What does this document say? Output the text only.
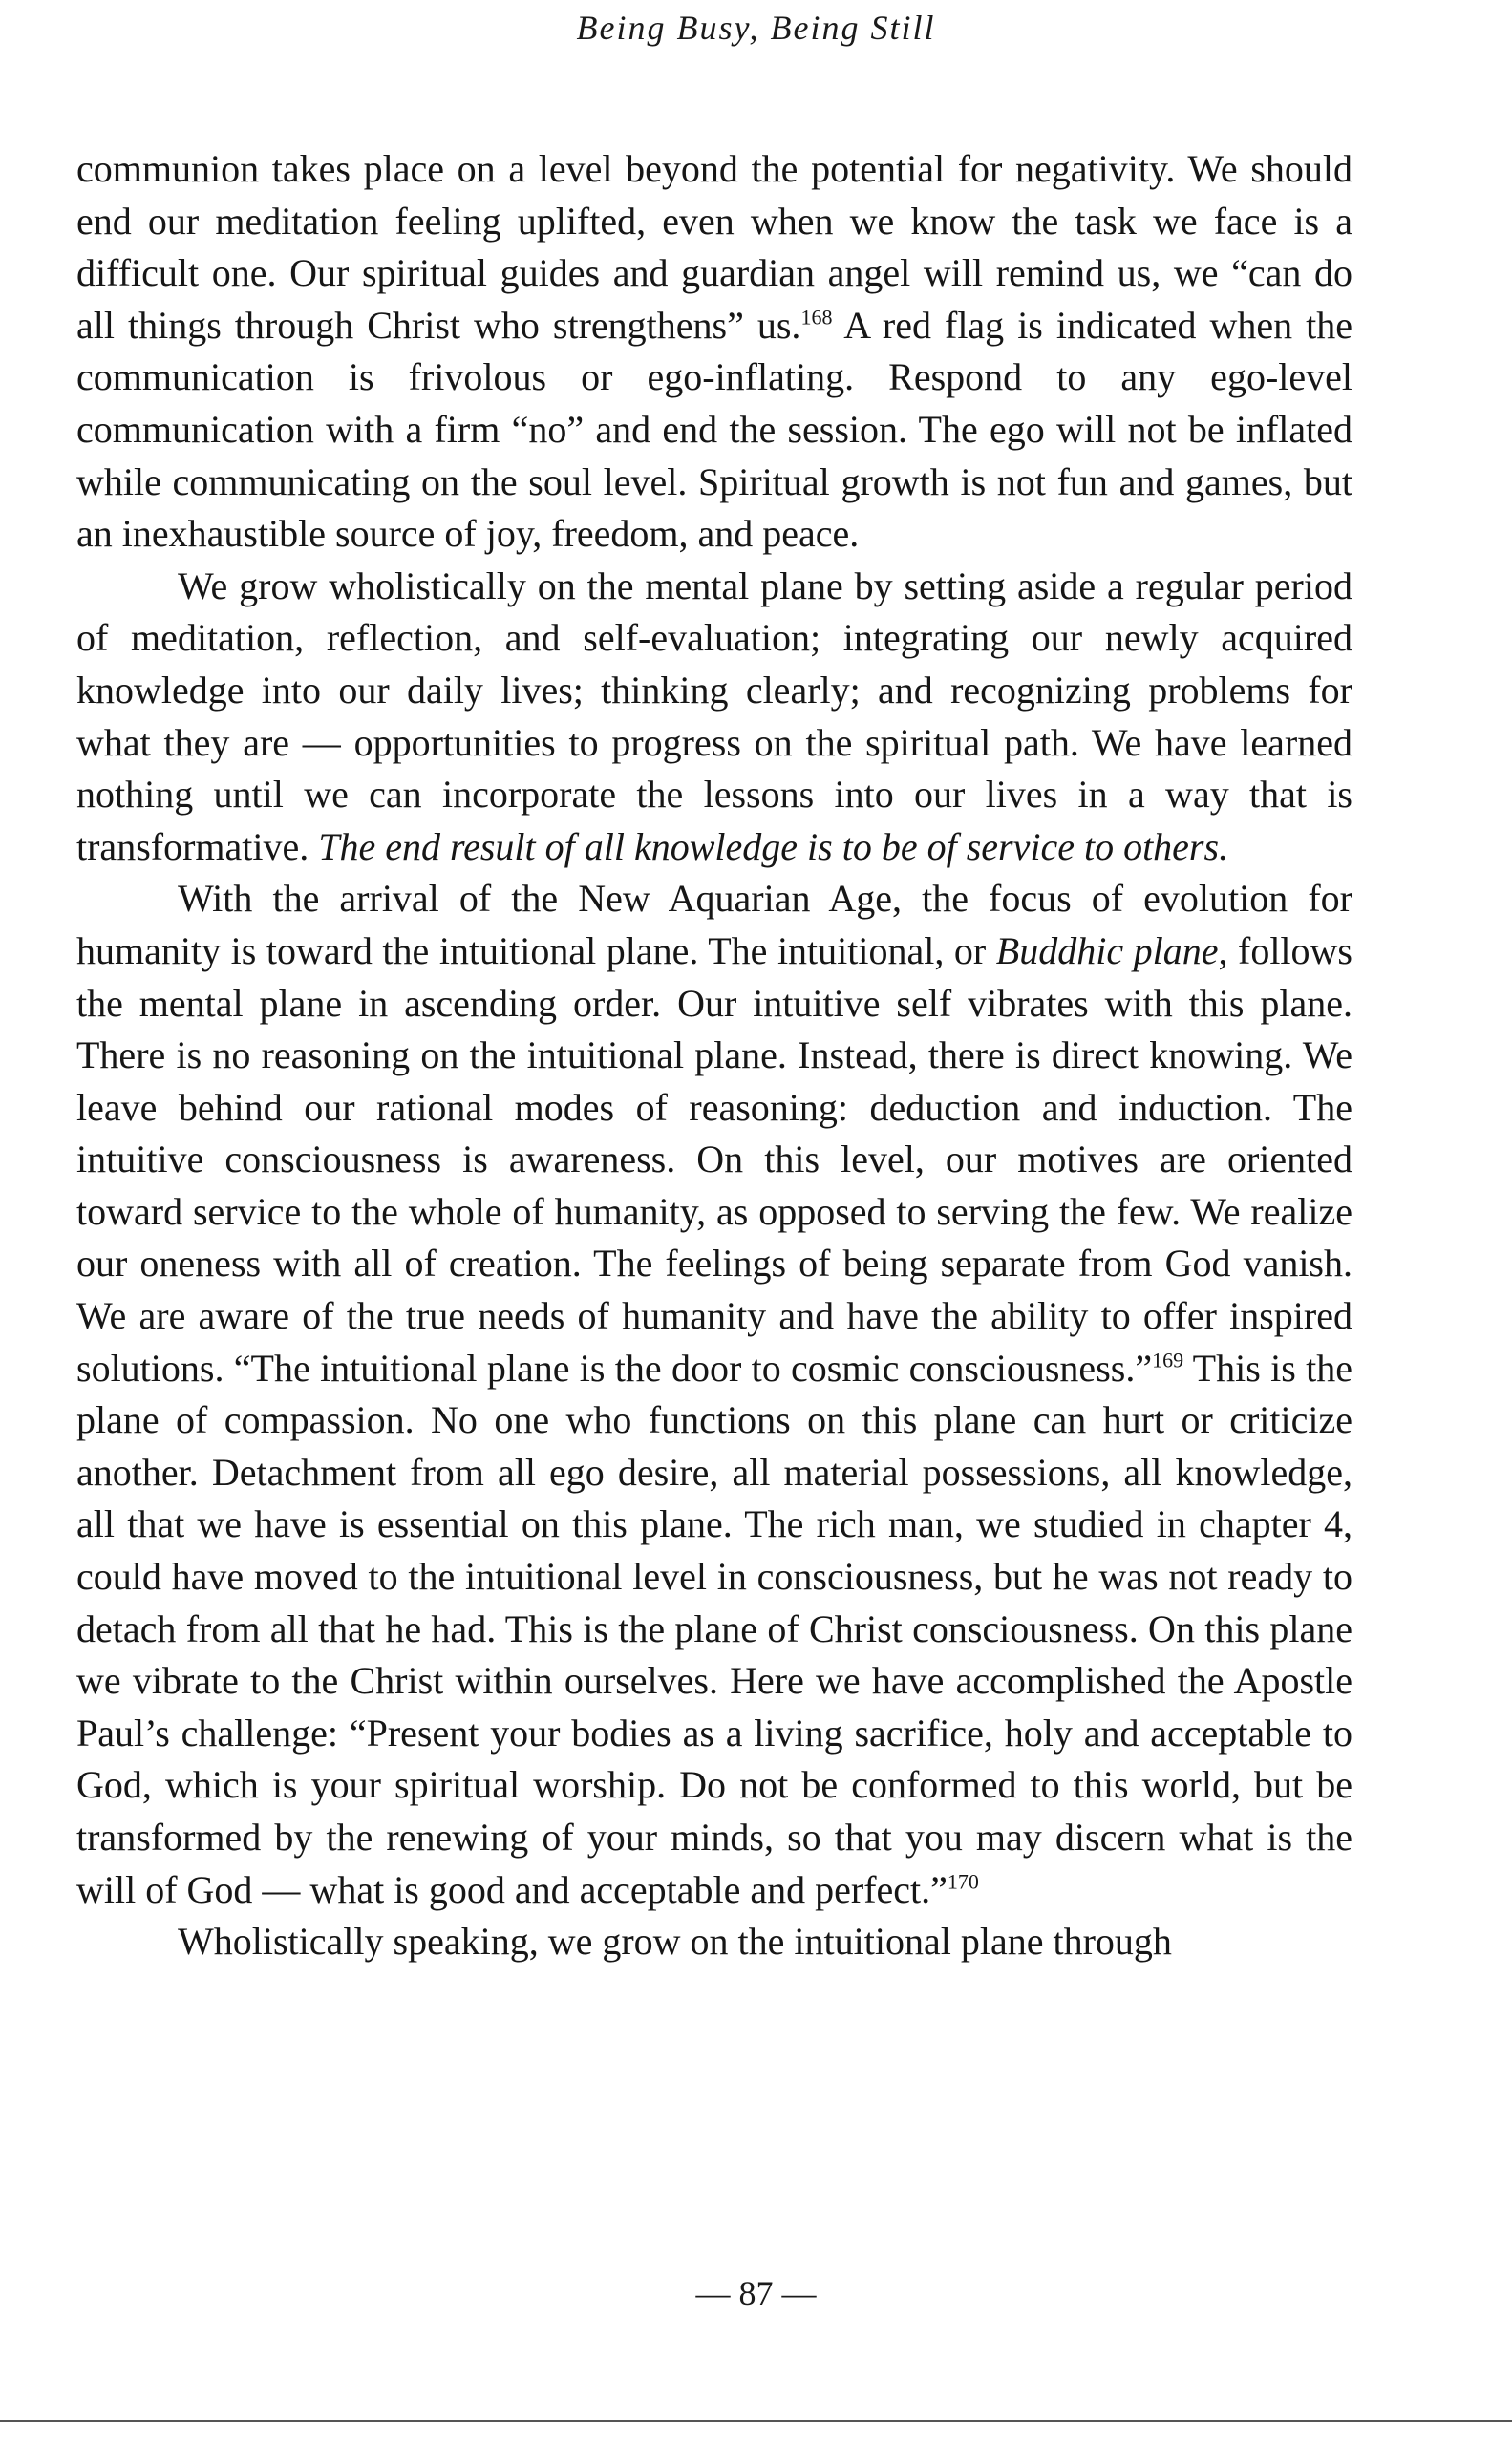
Being Busy, Being Still

communion takes place on a level beyond the potential for negativity. We should end our meditation feeling uplifted, even when we know the task we face is a difficult one. Our spiritual guides and guardian angel will remind us, we “can do all things through Christ who strengthens” us.$^{168}$ A red flag is indicated when the communication is frivolous or ego-inflating. Respond to any ego-level communication with a firm “no” and end the session. The ego will not be inflated while communicating on the soul level. Spiritual growth is not fun and games, but an inexhaustible source of joy, freedom, and peace.

We grow wholistically on the mental plane by setting aside a regular period of meditation, reflection, and self-evaluation; integrating our newly acquired knowledge into our daily lives; thinking clearly; and recognizing problems for what they are — opportunities to progress on the spiritual path. We have learned nothing until we can incorporate the lessons into our lives in a way that is transformative. The end result of all knowledge is to be of service to others.

With the arrival of the New Aquarian Age, the focus of evolution for humanity is toward the intuitional plane. The intuitional, or Buddhic plane, follows the mental plane in ascending order. Our intuitive self vibrates with this plane. There is no reasoning on the intuitional plane. Instead, there is direct knowing. We leave behind our rational modes of reasoning: deduction and induction. The intuitive consciousness is awareness. On this level, our motives are oriented toward service to the whole of humanity, as opposed to serving the few. We realize our oneness with all of creation. The feelings of being separate from God vanish. We are aware of the true needs of humanity and have the ability to offer inspired solutions. “The intuitional plane is the door to cosmic consciousness.”$^{169}$ This is the plane of compassion. No one who functions on this plane can hurt or criticize another. Detachment from all ego desire, all material possessions, all knowledge, all that we have is essential on this plane. The rich man, we studied in chapter 4, could have moved to the intuitional level in consciousness, but he was not ready to detach from all that he had. This is the plane of Christ consciousness. On this plane we vibrate to the Christ within ourselves. Here we have accomplished the Apostle Paul’s challenge: “Present your bodies as a living sacrifice, holy and acceptable to God, which is your spiritual worship. Do not be conformed to this world, but be transformed by the renewing of your minds, so that you may discern what is the will of God — what is good and acceptable and perfect.”$^{170}$

Wholistically speaking, we grow on the intuitional plane through

— 87 —
